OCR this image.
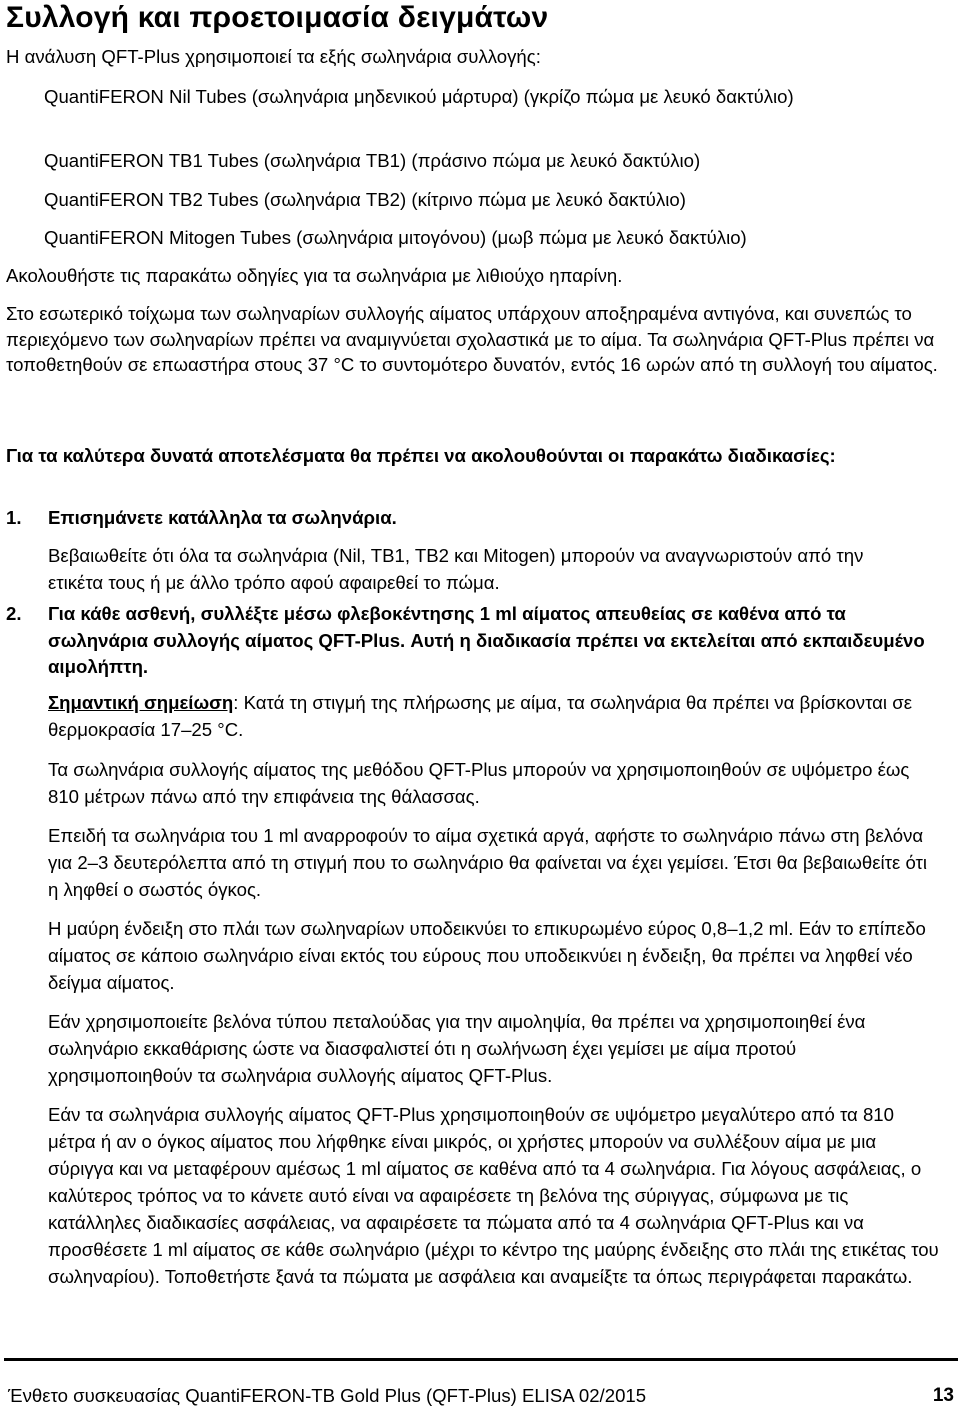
Συλλογή και προετοιμασία δειγμάτων

Η ανάλυση QFT-Plus χρησιμοποιεί τα εξής σωληνάρια συλλογής:

QuantiFERON Nil Tubes (σωληνάρια μηδενικού μάρτυρα) (γκρίζο πώμα με λευκό δακτύλιο)

QuantiFERON TB1 Tubes (σωληνάρια TB1) (πράσινο πώμα με λευκό δακτύλιο)

QuantiFERON TB2 Tubes (σωληνάρια TB2) (κίτρινο πώμα με λευκό δακτύλιο)

QuantiFERON Mitogen Tubes (σωληνάρια μιτογόνου) (μωβ πώμα με λευκό δακτύλιο)

Ακολουθήστε τις παρακάτω οδηγίες για τα σωληνάρια με λιθιούχο ηπαρίνη.

Στο εσωτερικό τοίχωμα των σωληναρίων συλλογής αίματος υπάρχουν αποξηραμένα αντιγόνα, και συνεπώς το περιεχόμενο των σωληναρίων πρέπει να αναμιγνύεται σχολαστικά με το αίμα. Τα σωληνάρια QFT-Plus πρέπει να τοποθετηθούν σε επωαστήρα στους 37 °C το συντομότερο δυνατόν, εντός 16 ωρών από τη συλλογή του αίματος.

Για τα καλύτερα δυνατά αποτελέσματα θα πρέπει να ακολουθούνται οι παρακάτω διαδικασίες:

1. Επισημάνετε κατάλληλα τα σωληνάρια.

Βεβαιωθείτε ότι όλα τα σωληνάρια (Nil, TB1, TB2 και Mitogen) μπορούν να αναγνωριστούν από την ετικέτα τους ή με άλλο τρόπο αφού αφαιρεθεί το πώμα.

2. Για κάθε ασθενή, συλλέξτε μέσω φλεβοκέντησης 1 ml αίματος απευθείας σε καθένα από τα σωληνάρια συλλογής αίματος QFT-Plus. Αυτή η διαδικασία πρέπει να εκτελείται από εκπαιδευμένο αιμολήπτη.

Σημαντική σημείωση: Κατά τη στιγμή της πλήρωσης με αίμα, τα σωληνάρια θα πρέπει να βρίσκονται σε θερμοκρασία 17–25 °C.

Τα σωληνάρια συλλογής αίματος της μεθόδου QFT-Plus μπορούν να χρησιμοποιηθούν σε υψόμετρο έως 810 μέτρων πάνω από την επιφάνεια της θάλασσας.

Επειδή τα σωληνάρια του 1 ml αναρροφούν το αίμα σχετικά αργά, αφήστε το σωληνάριο πάνω στη βελόνα για 2–3 δευτερόλεπτα από τη στιγμή που το σωληνάριο θα φαίνεται να έχει γεμίσει. Έτσι θα βεβαιωθείτε ότι η ληφθεί ο σωστός όγκος.

Η μαύρη ένδειξη στο πλάι των σωληναρίων υποδεικνύει το επικυρωμένο εύρος 0,8–1,2 ml. Εάν το επίπεδο αίματος σε κάποιο σωληνάριο είναι εκτός του εύρους που υποδεικνύει η ένδειξη, θα πρέπει να ληφθεί νέο δείγμα αίματος.

Εάν χρησιμοποιείτε βελόνα τύπου πεταλούδας για την αιμοληψία, θα πρέπει να χρησιμοποιηθεί ένα σωληνάριο εκκαθάρισης ώστε να διασφαλιστεί ότι η σωλήνωση έχει γεμίσει με αίμα προτού χρησιμοποιηθούν τα σωληνάρια συλλογής αίματος QFT-Plus.

Εάν τα σωληνάρια συλλογής αίματος QFT-Plus χρησιμοποιηθούν σε υψόμετρο μεγαλύτερο από τα 810 μέτρα ή αν ο όγκος αίματος που λήφθηκε είναι μικρός, οι χρήστες μπορούν να συλλέξουν αίμα με μια σύριγγα και να μεταφέρουν αμέσως 1 ml αίματος σε καθένα από τα 4 σωληνάρια. Για λόγους ασφάλειας, ο καλύτερος τρόπος να το κάνετε αυτό είναι να αφαιρέσετε τη βελόνα της σύριγγας, σύμφωνα με τις κατάλληλες διαδικασίες ασφάλειας, να αφαιρέσετε τα πώματα από τα 4 σωληνάρια QFT-Plus και να προσθέσετε 1 ml αίματος σε κάθε σωληνάριο (μέχρι το κέντρο της μαύρης ένδειξης στο πλάι της ετικέτας του σωληναρίου). Τοποθετήστε ξανά τα πώματα με ασφάλεια και αναμείξτε τα όπως περιγράφεται παρακάτω.

Ένθετο συσκευασίας QuantiFERON-TB Gold Plus (QFT-Plus) ELISA 02/2015	13
